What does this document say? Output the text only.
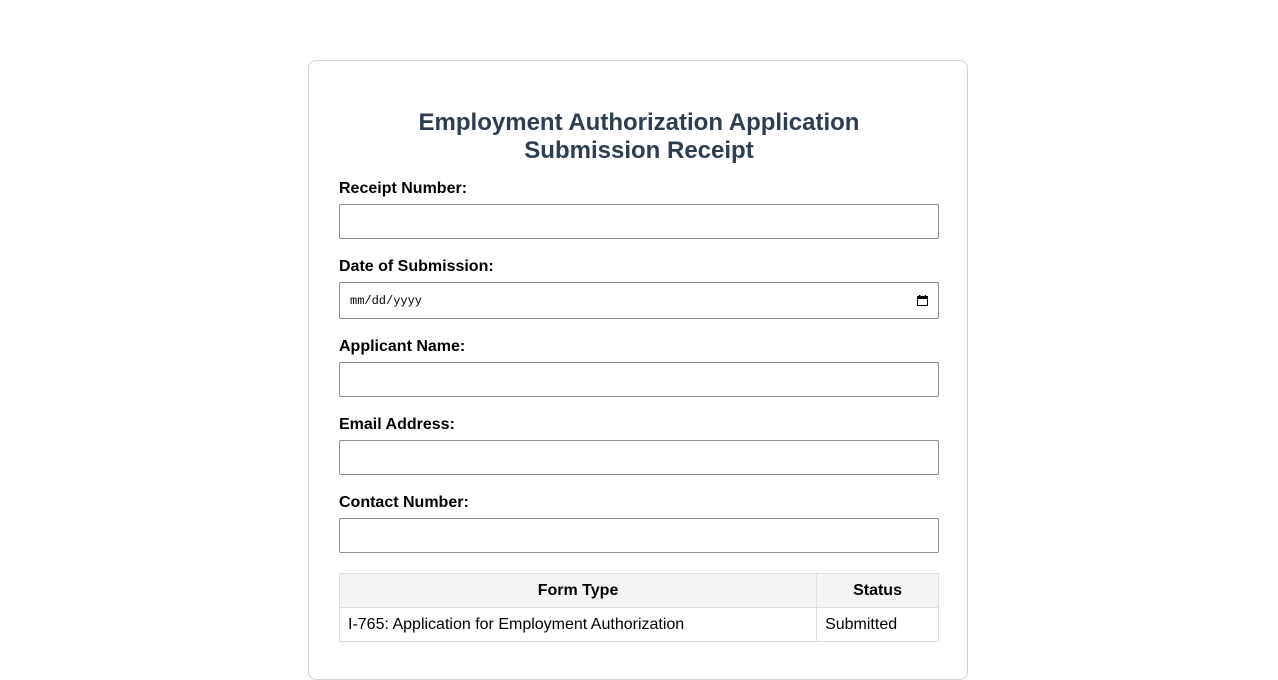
Employment Authorization Application
Submission Receipt
Receipt Number:
Date of Submission:
mm/dd/yyyy
Applicant Name:
Email Address:
Contact Number:
Form Type	Status
I-765: Application for Employment Authorization	Submitted
